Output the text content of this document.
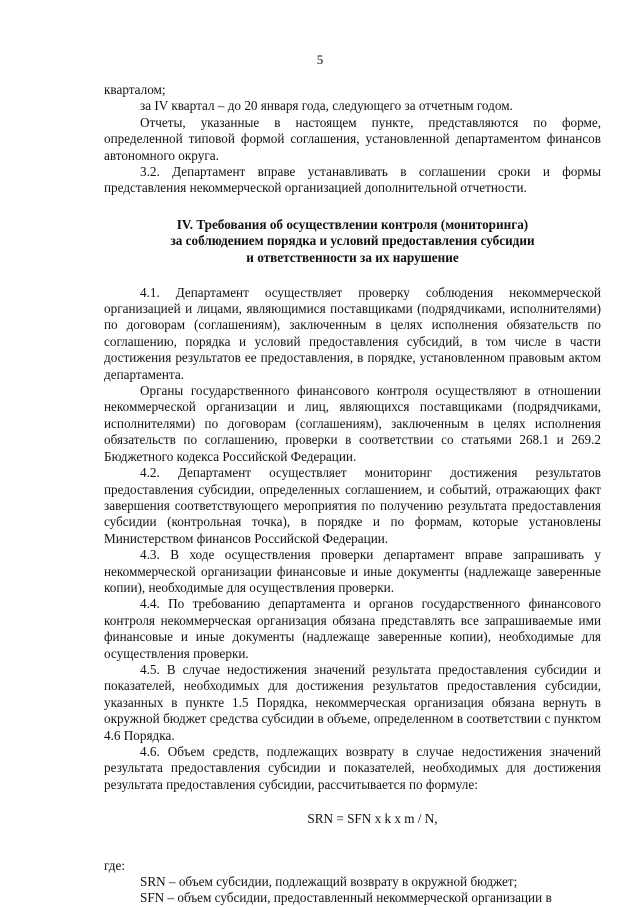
5

кварталом;

за IV квартал – до 20 января года, следующего за отчетным годом.

Отчеты, указанные в настоящем пункте, представляются по форме, определенной типовой формой соглашения, установленной департаментом финансов автономного округа.

3.2. Департамент вправе устанавливать в соглашении сроки и формы представления некоммерческой организацией дополнительной отчетности.

IV. Требования об осуществлении контроля (мониторинга)
за соблюдением порядка и условий предоставления субсидии
и ответственности за их нарушение

4.1. Департамент осуществляет проверку соблюдения некоммерческой организацией и лицами, являющимися поставщиками (подрядчиками, исполнителями) по договорам (соглашениям), заключенным в целях исполнения обязательств по соглашению, порядка и условий предоставления субсидий, в том числе в части достижения результатов ее предоставления, в порядке, установленном правовым актом департамента.

Органы государственного финансового контроля осуществляют в отношении некоммерческой организации и лиц, являющихся поставщиками (подрядчиками, исполнителями) по договорам (соглашениям), заключенным в целях исполнения обязательств по соглашению, проверки в соответствии со статьями 268.1 и 269.2 Бюджетного кодекса Российской Федерации.

4.2. Департамент осуществляет мониторинг достижения результатов предоставления субсидии, определенных соглашением, и событий, отражающих факт завершения соответствующего мероприятия по получению результата предоставления субсидии (контрольная точка), в порядке и по формам, которые установлены Министерством финансов Российской Федерации.

4.3. В ходе осуществления проверки департамент вправе запрашивать у некоммерческой организации финансовые и иные документы (надлежаще заверенные копии), необходимые для осуществления проверки.

4.4. По требованию департамента и органов государственного финансового контроля некоммерческая организация обязана представлять все запрашиваемые ими финансовые и иные документы (надлежаще заверенные копии), необходимые для осуществления проверки.

4.5. В случае недостижения значений результата предоставления субсидии и показателей, необходимых для достижения результатов предоставления субсидии, указанных в пункте 1.5 Порядка, некоммерческая организация обязана вернуть в окружной бюджет средства субсидии в объеме, определенном в соответствии с пунктом 4.6 Порядка.

4.6. Объем средств, подлежащих возврату в случае недостижения значений результата предоставления субсидии и показателей, необходимых для достижения результата предоставления субсидии, рассчитывается по формуле:

SRN = SFN x k x m / N,

где:

SRN – объем субсидии, подлежащий возврату в окружной бюджет;

SFN – объем субсидии, предоставленный некоммерческой организации в
